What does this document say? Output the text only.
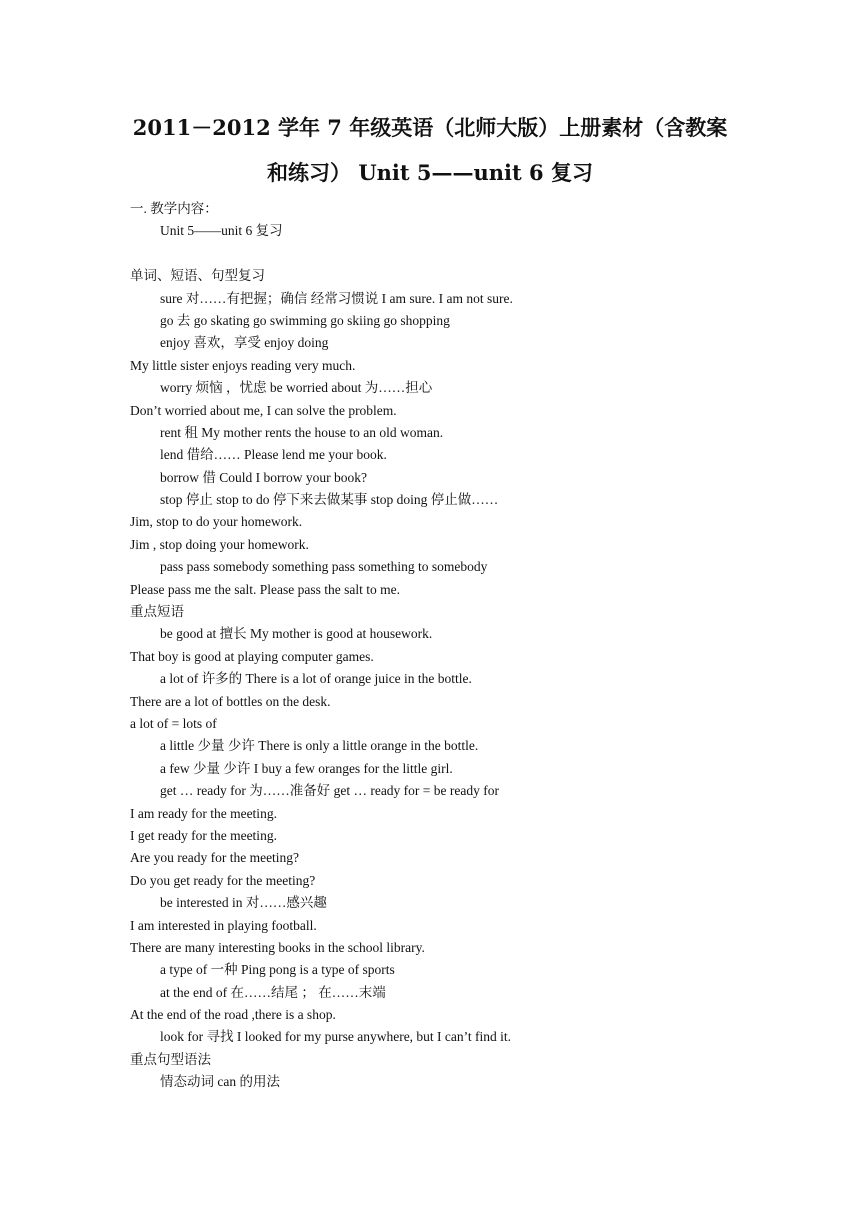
2011－2012 学年 7 年级英语（北师大版）上册素材（含教案
和练习） Unit 5——unit 6 复习
一. 教学内容：
Unit 5——unit 6 复习
单词、短语、句型复习
sure 对……有把握；确信 经常习惯说 I am sure. I am not sure.
go 去 go skating go swimming go skiing go shopping
enjoy 喜欢，享受 enjoy doing
My little sister enjoys reading very much.
worry 烦恼 ，忧虑 be worried about 为……担心
Don’t worried about me, I can solve the problem.
rent 租 My mother rents the house to an old woman.
lend 借给…… Please lend me your book.
borrow 借 Could I borrow your book?
stop 停止 stop to do 停下来去做某事 stop doing 停止做……
Jim, stop to do your homework.
Jim , stop doing your homework.
pass pass somebody something pass something to somebody
Please pass me the salt. Please pass the salt to me.
重点短语
be good at 擅长 My mother is good at housework.
That boy is good at playing computer games.
a lot of 许多的 There is a lot of orange juice in the bottle.
There are a lot of bottles on the desk.
a lot of = lots of
a little 少量 少许 There is only a little orange in the bottle.
a few 少量 少许 I buy a few oranges for the little girl.
get … ready for 为……准备好 get … ready for = be ready for
I am ready for the meeting.
I get ready for the meeting.
Are you ready for the meeting?
Do you get ready for the meeting?
be interested in 对……感兴趣
I am interested in playing football.
There are many interesting books in the school library.
a type of 一种 Ping pong is a type of sports
at the end of 在……结尾 ； 在……末端
At the end of the road ,there is a shop.
look for 寻找 I looked for my purse anywhere, but I can’t find it.
重点句型语法
情态动词 can 的用法
